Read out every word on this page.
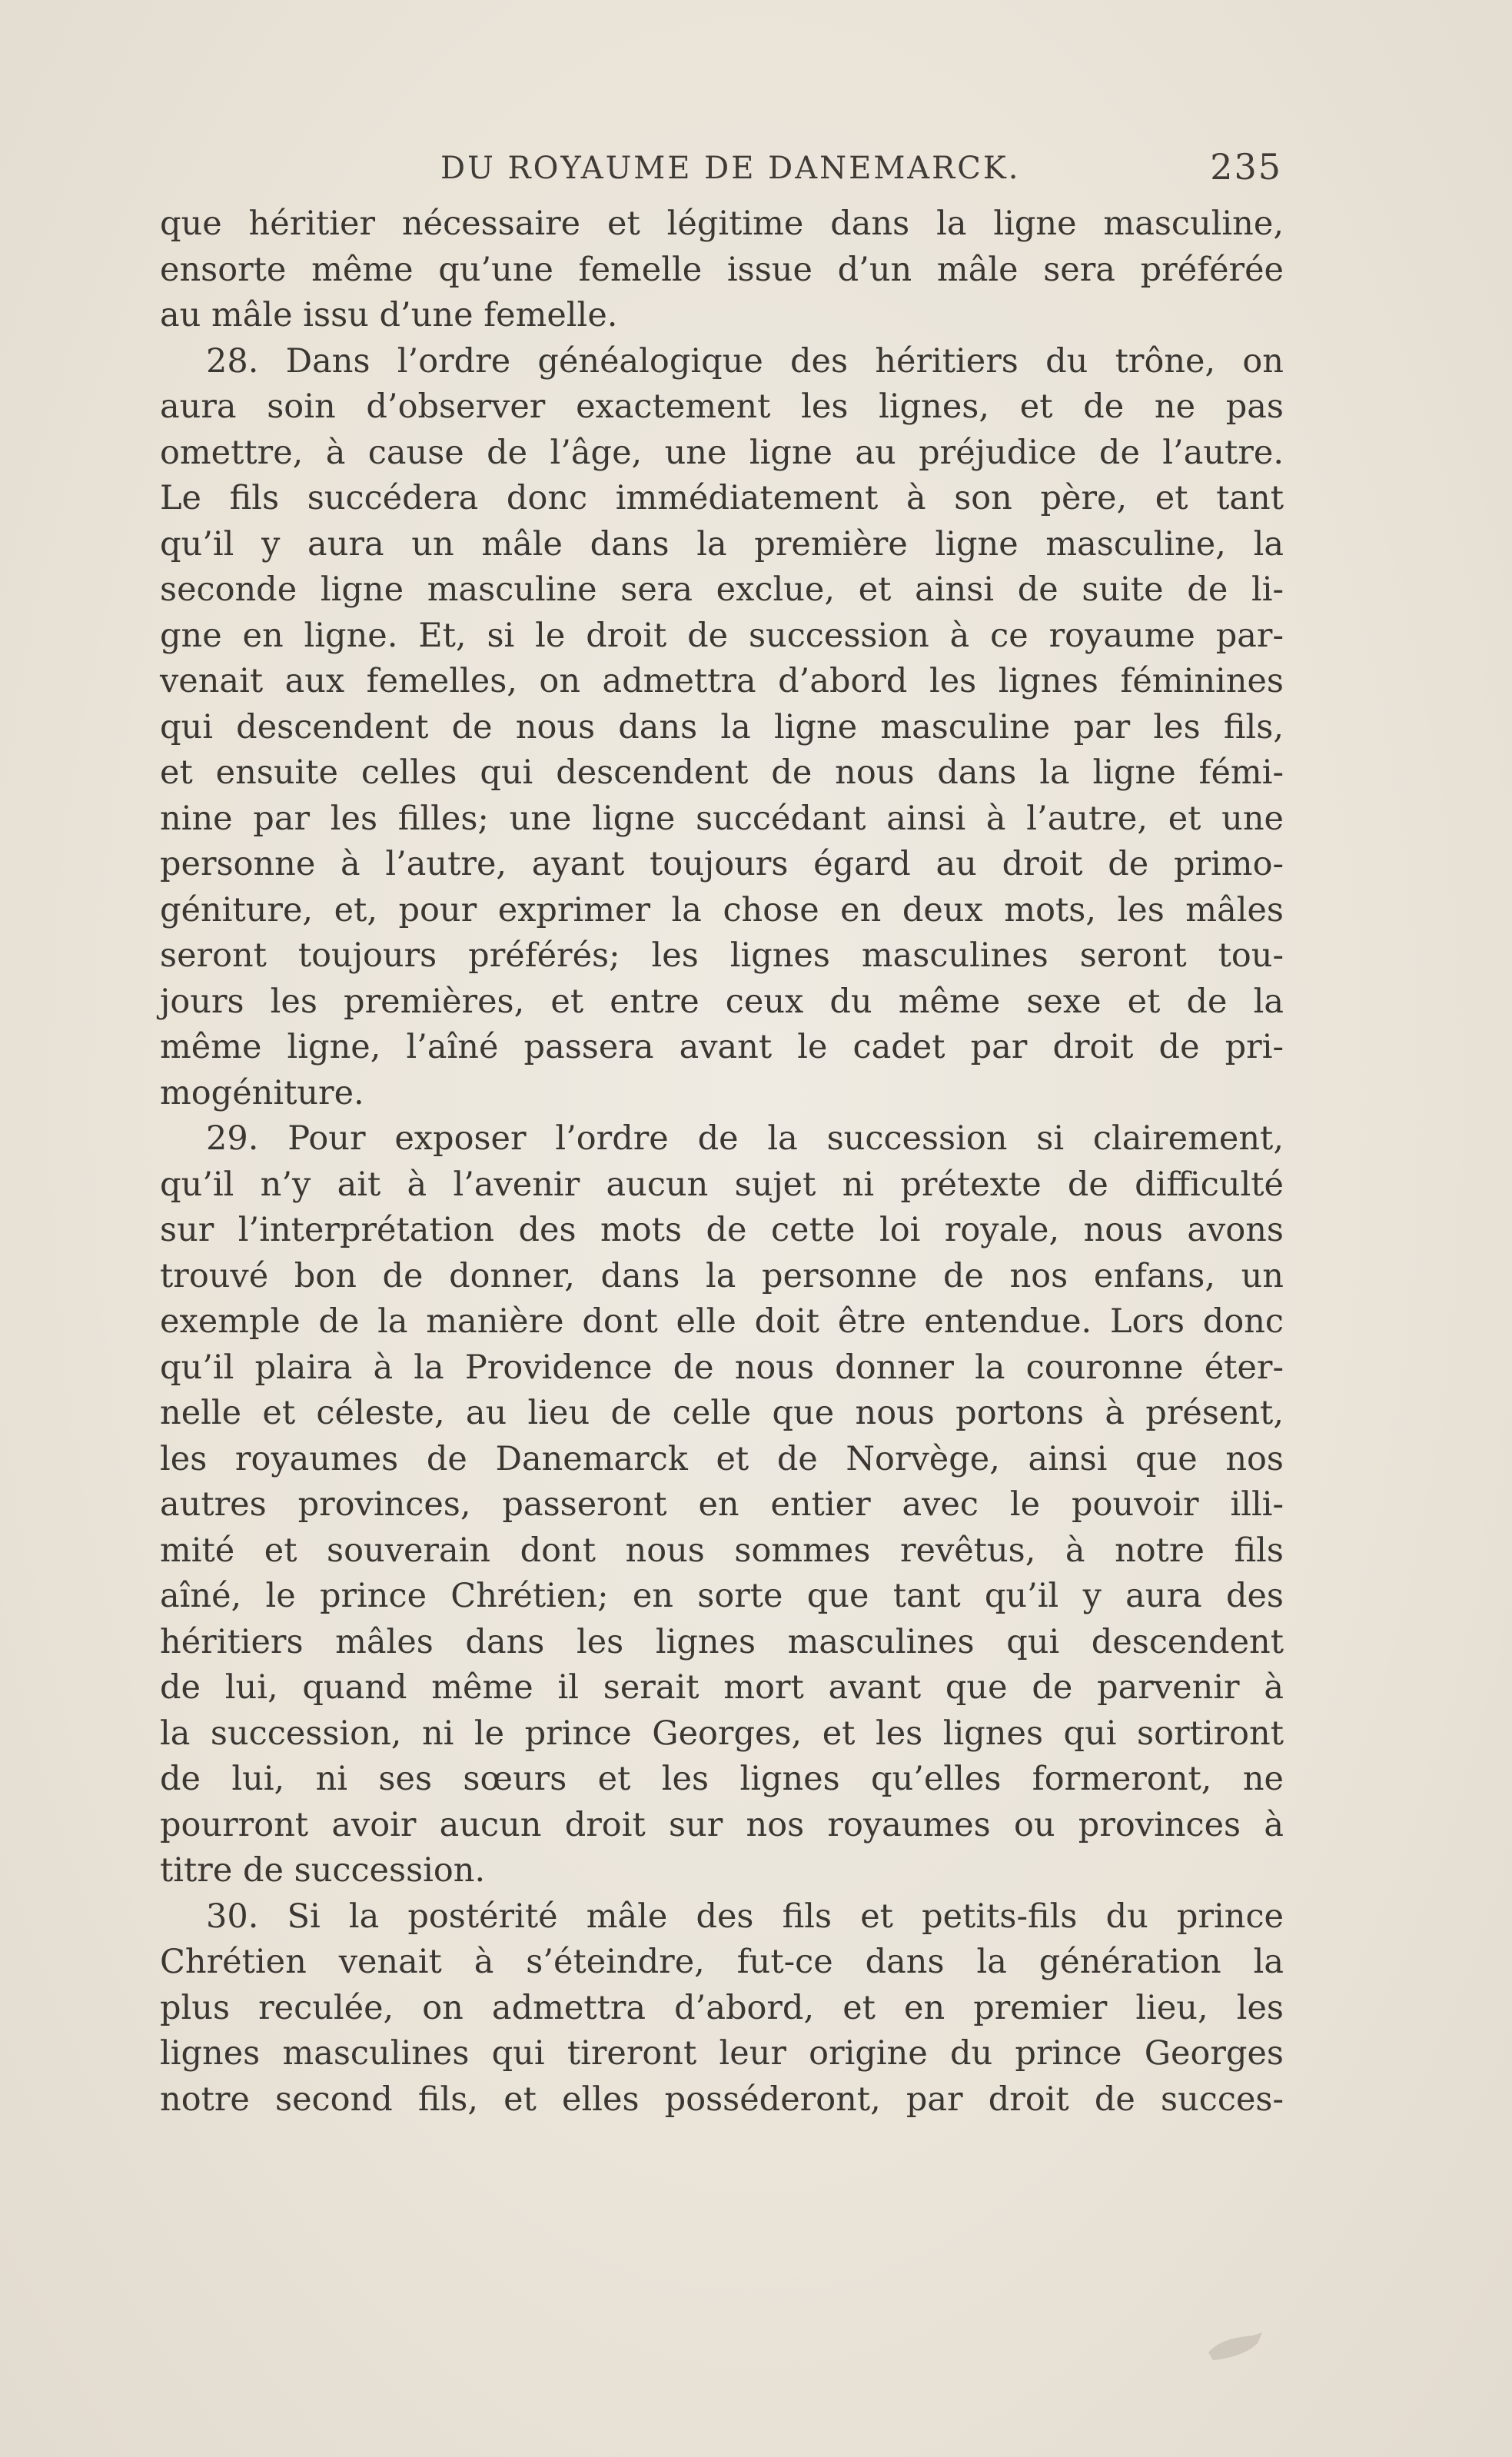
DU ROYAUME DE DANEMARCK.	235
que héritier nécessaire et légitime dans la ligne masculine,
ensorte même qu’une femelle issue d’un mâle sera préférée
au mâle issu d’une femelle.
28. Dans l’ordre généalogique des héritiers du trône, on
aura soin d’observer exactement les lignes, et de ne pas
omettre, à cause de l’âge, une ligne au préjudice de l’autre.
Le fils succédera donc immédiatement à son père, et tant
qu’il y aura un mâle dans la première ligne masculine, la
seconde ligne masculine sera exclue, et ainsi de suite de li-
gne en ligne. Et, si le droit de succession à ce royaume par-
venait aux femelles, on admettra d’abord les lignes féminines
qui descendent de nous dans la ligne masculine par les fils,
et ensuite celles qui descendent de nous dans la ligne fémi-
nine par les filles; une ligne succédant ainsi à l’autre, et une
personne à l’autre, ayant toujours égard au droit de primo-
géniture, et, pour exprimer la chose en deux mots, les mâles
seront toujours préférés; les lignes masculines seront tou-
jours les premières, et entre ceux du même sexe et de la
même ligne, l’aîné passera avant le cadet par droit de pri-
mogéniture.
29. Pour exposer l’ordre de la succession si clairement,
qu’il n’y ait à l’avenir aucun sujet ni prétexte de difficulté
sur l’interprétation des mots de cette loi royale, nous avons
trouvé bon de donner, dans la personne de nos enfans, un
exemple de la manière dont elle doit être entendue. Lors donc
qu’il plaira à la Providence de nous donner la couronne éter-
nelle et céleste, au lieu de celle que nous portons à présent,
les royaumes de Danemarck et de Norvège, ainsi que nos
autres provinces, passeront en entier avec le pouvoir illi-
mité et souverain dont nous sommes revêtus, à notre fils
aîné, le prince Chrétien; en sorte que tant qu’il y aura des
héritiers mâles dans les lignes masculines qui descendent
de lui, quand même il serait mort avant que de parvenir à
la succession, ni le prince Georges, et les lignes qui sortiront
de lui, ni ses sœurs et les lignes qu’elles formeront, ne
pourront avoir aucun droit sur nos royaumes ou provinces à
titre de succession.
30. Si la postérité mâle des fils et petits-fils du prince
Chrétien venait à s’éteindre, fut-ce dans la génération la
plus reculée, on admettra d’abord, et en premier lieu, les
lignes masculines qui tireront leur origine du prince Georges
notre second fils, et elles posséderont, par droit de succes-
